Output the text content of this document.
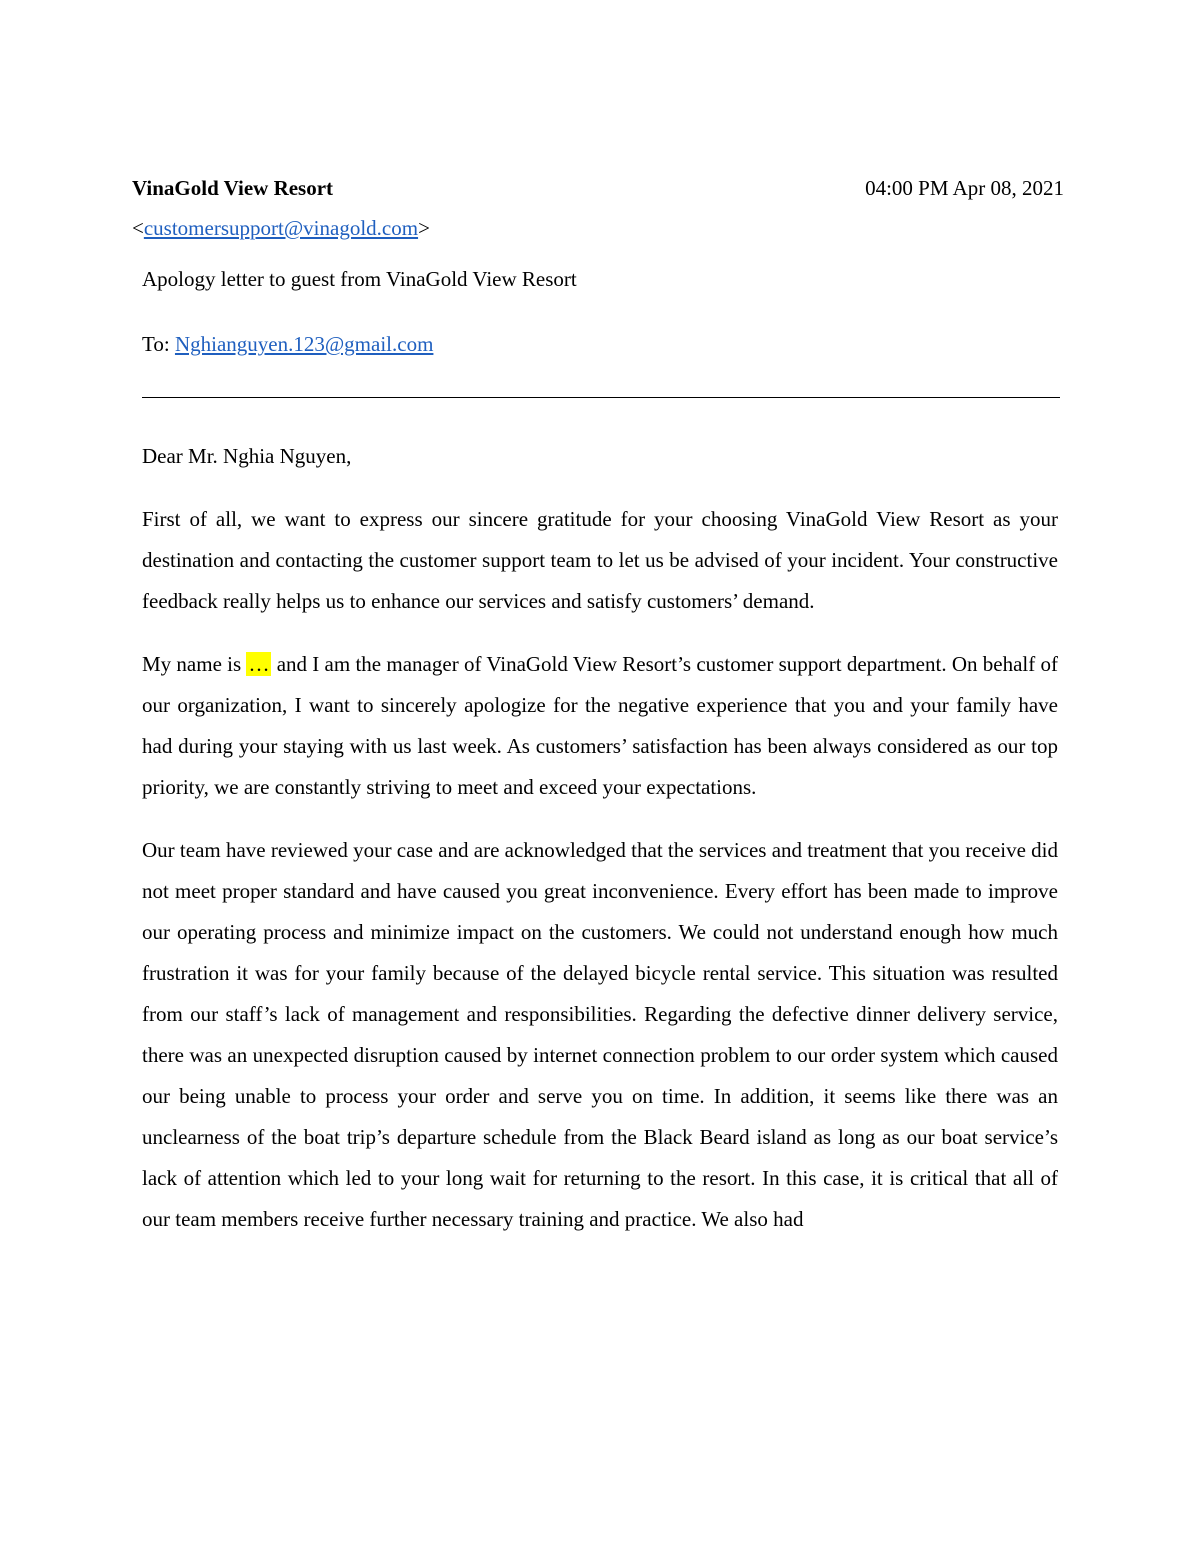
VinaGold View Resort	04:00 PM Apr 08, 2021
<customersupport@vinagold.com>
Apology letter to guest from VinaGold View Resort
To: Nghianguyen.123@gmail.com

Dear Mr. Nghia Nguyen,

First of all, we want to express our sincere gratitude for your choosing VinaGold View Resort as your destination and contacting the customer support team to let us be advised of your incident. Your constructive feedback really helps us to enhance our services and satisfy customers’ demand.

My name is … and I am the manager of VinaGold View Resort’s customer support department. On behalf of our organization, I want to sincerely apologize for the negative experience that you and your family have had during your staying with us last week. As customers’ satisfaction has been always considered as our top priority, we are constantly striving to meet and exceed your expectations.

Our team have reviewed your case and are acknowledged that the services and treatment that you receive did not meet proper standard and have caused you great inconvenience. Every effort has been made to improve our operating process and minimize impact on the customers. We could not understand enough how much frustration it was for your family because of the delayed bicycle rental service. This situation was resulted from our staff’s lack of management and responsibilities. Regarding the defective dinner delivery service, there was an unexpected disruption caused by internet connection problem to our order system which caused our being unable to process your order and serve you on time. In addition, it seems like there was an unclearness of the boat trip’s departure schedule from the Black Beard island as long as our boat service’s lack of attention which led to your long wait for returning to the resort. In this case, it is critical that all of our team members receive further necessary training and practice. We also had
